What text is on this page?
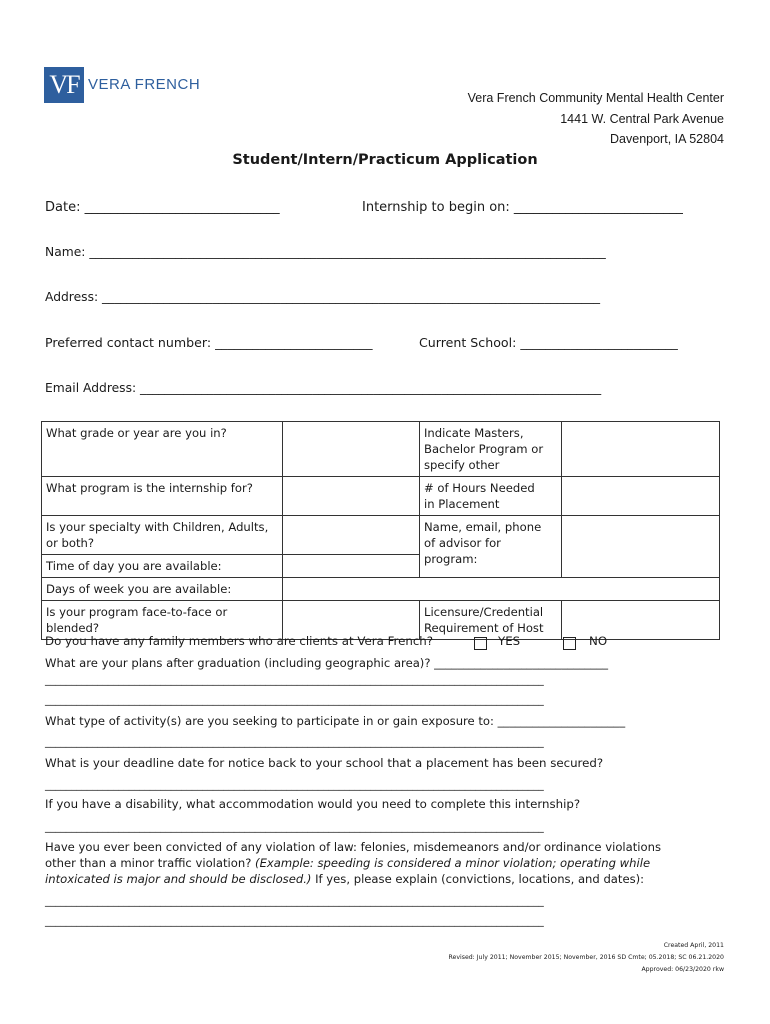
VF VERA FRENCH
Vera French Community Mental Health Center
1441 W. Central Park Avenue
Davenport, IA 52804
Student/Intern/Practicum Application
Date: ______________________________	Internship to begin on: __________________________
Name: ____________________________________________________________________________________
Address: _________________________________________________________________________________
Preferred contact number: _________________________	Current School: _________________________
Email Address: ___________________________________________________________________________
What grade or year are you in?		Indicate Masters,
Bachelor Program or
specify other	
What program is the internship for?		# of Hours Needed
in Placement	
Is your specialty with Children, Adults,
or both?		Name, email, phone
of advisor for
program:	
Time of day you are available:			
Days of week you are available:			
Is your program face-to-face or
blended?		Licensure/Credential
Requirement of Host	
Do you have any family members who are clients at Vera French?	YES	NO
What are your plans after graduation (including geographic area)? ______________________________
_______________________________________________________________________________________________
_______________________________________________________________________________________________
What type of activity(s) are you seeking to participate in or gain exposure to: ______________________
_______________________________________________________________________________________________
What is your deadline date for notice back to your school that a placement has been secured?
_______________________________________________________________________________________________
If you have a disability, what accommodation would you need to complete this internship?
_______________________________________________________________________________________________
Have you ever been convicted of any violation of law: felonies, misdemeanors and/or ordinance violations
other than a minor traffic violation? (Example: speeding is considered a minor violation; operating while
intoxicated is major and should be disclosed.) If yes, please explain (convictions, locations, and dates):
_______________________________________________________________________________________________
_______________________________________________________________________________________________
Created April, 2011
Revised: July 2011; November 2015; November, 2016 SD Cmte; 05.2018; SC 06.21.2020
Approved: 06/23/2020 rkw
